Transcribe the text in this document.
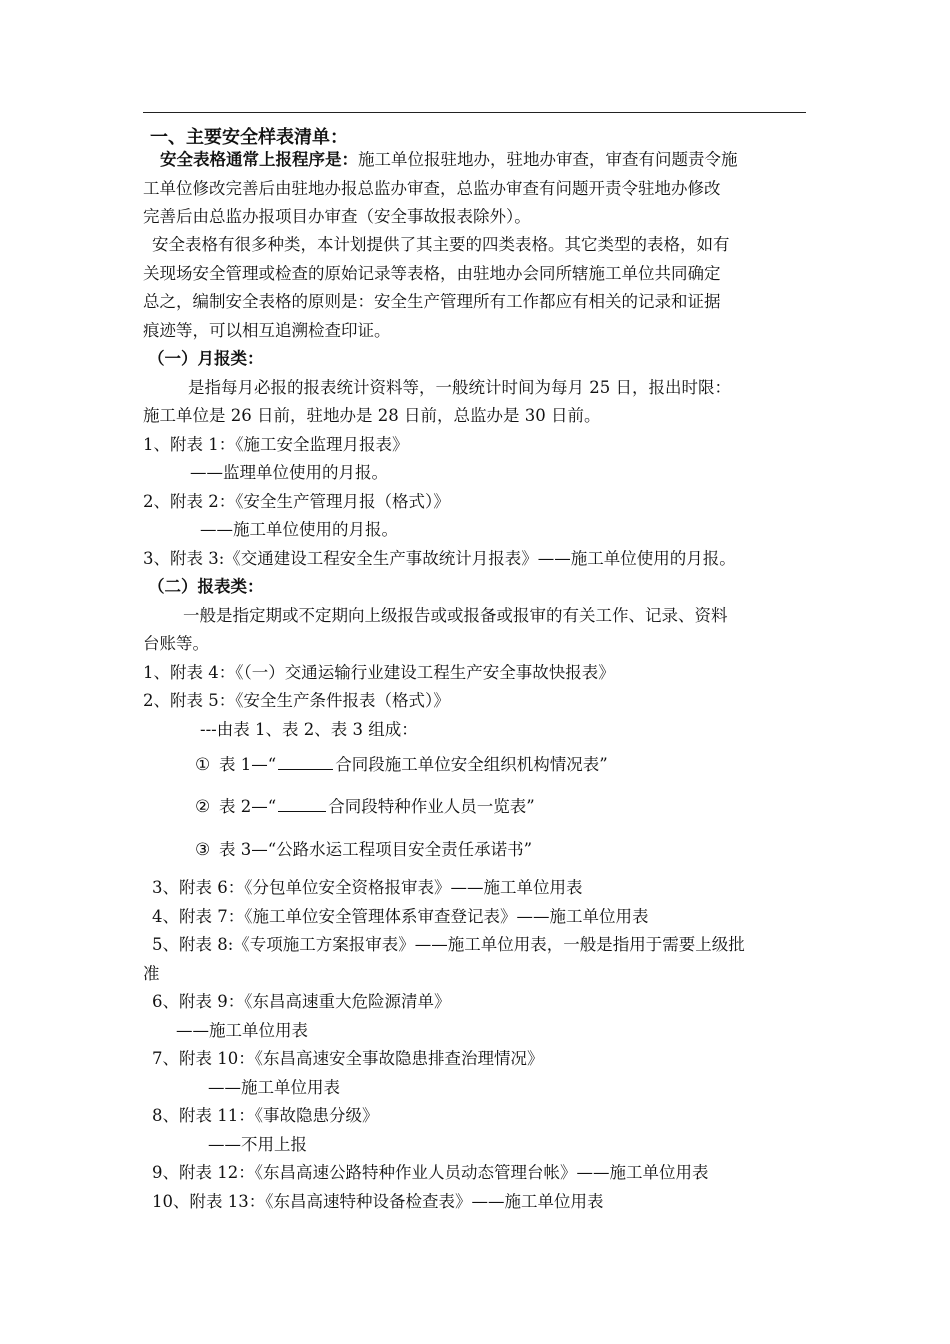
一、主要安全样表清单：
安全表格通常上报程序是：施工单位报驻地办，驻地办审查，审查有问题责令施
工单位修改完善后由驻地办报总监办审查，总监办审查有问题开责令驻地办修改
完善后由总监办报项目办审查（安全事故报表除外）。
安全表格有很多种类，本计划提供了其主要的四类表格。其它类型的表格，如有
关现场安全管理或检查的原始记录等表格，由驻地办会同所辖施工单位共同确定
总之，编制安全表格的原则是：安全生产管理所有工作都应有相关的记录和证据
痕迹等，可以相互追溯检查印证。
（一）月报类：
是指每月必报的报表统计资料等，一般统计时间为每月 25 日，报出时限：
施工单位是 26 日前，驻地办是 28 日前，总监办是 30 日前。
1、附表 1：《施工安全监理月报表》
——监理单位使用的月报。
2、附表 2：《安全生产管理月报（格式）》
——施工单位使用的月报。
3、附表 3:《交通建设工程安全生产事故统计月报表》——施工单位使用的月报。
（二）报表类：
一般是指定期或不定期向上级报告或或报备或报审的有关工作、记录、资料
台账等。
1、附表 4：《（一）交通运输行业建设工程生产安全事故快报表》
2、附表 5：《安全生产条件报表（格式）》
---由表 1、表 2、表 3 组成：
① 表 1—“	合同段施工单位安全组织机构情况表”
② 表 2—“	合同段特种作业人员一览表”
③ 表 3—“公路水运工程项目安全责任承诺书”
3、附表 6：《分包单位安全资格报审表》——施工单位用表
4、附表 7：《施工单位安全管理体系审查登记表》——施工单位用表
5、附表 8:《专项施工方案报审表》——施工单位用表，一般是指用于需要上级批
准
6、附表 9：《东昌高速重大危险源清单》
——施工单位用表
7、附表 10：《东昌高速安全事故隐患排查治理情况》
——施工单位用表
8、附表 11：《事故隐患分级》
——不用上报
9、附表 12：《东昌高速公路特种作业人员动态管理台帐》——施工单位用表
10、附表 13：《东昌高速特种设备检查表》——施工单位用表
